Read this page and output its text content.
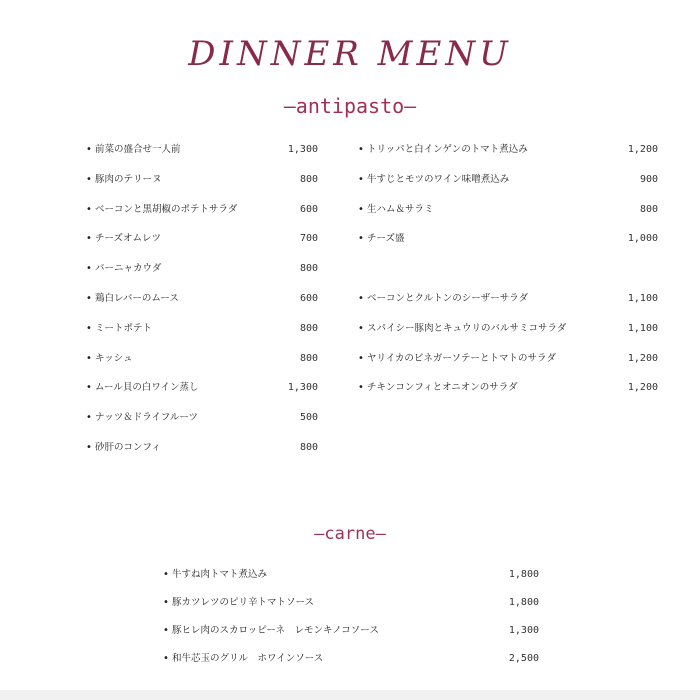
DINNER MENU
―antipasto―
• 前菜の盛合せ一人前	1,300
• 豚肉のテリーヌ	800
• ベーコンと黒胡椒のポテトサラダ	600
• チーズオムレツ	700
• バーニャカウダ	800
• 鶏白レバーのムース	600
• ミートポテト	800
• キッシュ	800
• ムール貝の白ワイン蒸し	1,300
• ナッツ＆ドライフルーツ	500
• 砂肝のコンフィ	800
• トリッパと白インゲンのトマト煮込み	1,200
• 牛すじとモツのワイン味噌煮込み	900
• 生ハム＆サラミ	800
• チーズ盛	1,000
• ベーコンとクルトンのシーザーサラダ	1,100
• スパイシー豚肉とキュウリのバルサミコサラダ	1,100
• ヤリイカのビネガーソテーとトマトのサラダ	1,200
• チキンコンフィとオニオンのサラダ	1,200
―carne―
• 牛すね肉トマト煮込み	1,800
• 豚カツレツのピリ辛トマトソース	1,800
• 豚ヒレ肉のスカロッピーネ　レモンキノコソース	1,300
• 和牛芯玉のグリル　ホワインソース	2,500
